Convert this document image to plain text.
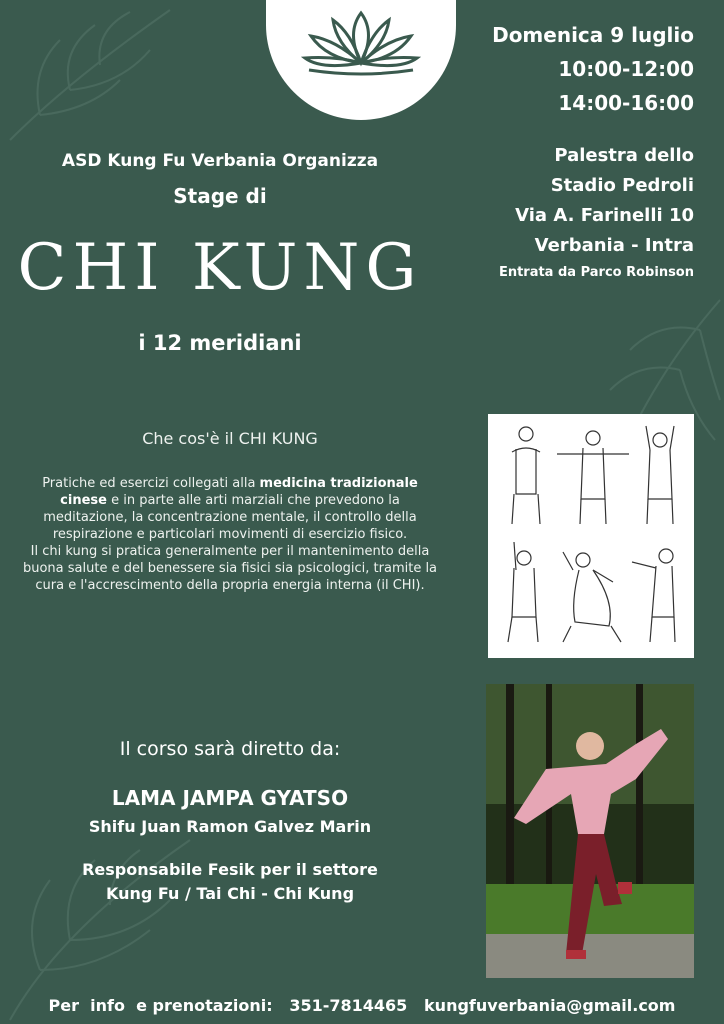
ASD Kung Fu Verbania Organizza

Stage di

CHI KUNG

i 12 meridiani

Domenica 9 luglio
10:00-12:00
14:00-16:00
Palestra dello
Stadio Pedroli
Via A. Farinelli 10
Verbania - Intra
Entrata da Parco Robinson

Che cos'è il CHI KUNG

Pratiche ed esercizi collegati alla medicina tradizionale cinese e in parte alle arti marziali che prevedono la meditazione, la concentrazione mentale, il controllo della respirazione e particolari movimenti di esercizio fisico.
Il chi kung si pratica generalmente per il mantenimento della buona salute e del benessere sia fisici sia psicologici, tramite la cura e l'accrescimento della propria energia interna (il CHI).

Il corso sarà diretto da:

LAMA JAMPA GYATSO

Shifu Juan Ramon Galvez Marin

Responsabile Fesik per il settore

Kung Fu / Tai Chi - Chi Kung

Per  info  e prenotazioni: 351-7814465 kungfuverbania@gmail.com
